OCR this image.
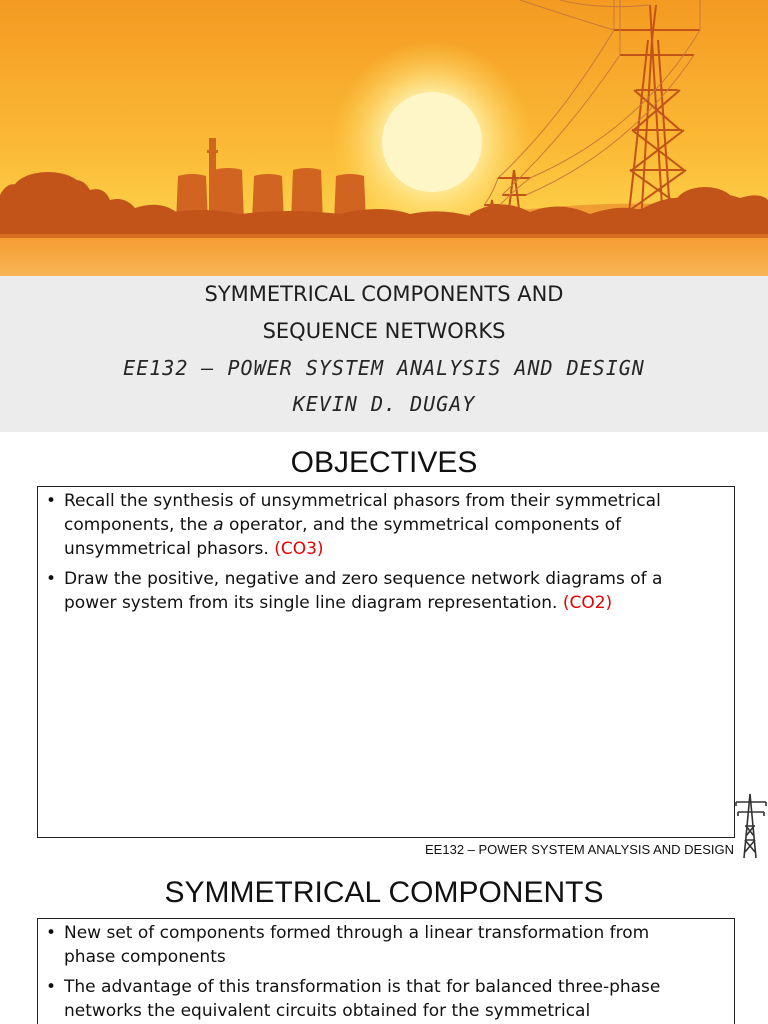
SYMMETRICAL COMPONENTS AND
SEQUENCE NETWORKS
EE132 – POWER SYSTEM ANALYSIS AND DESIGN
KEVIN D. DUGAY
OBJECTIVES
• Recall the synthesis of unsymmetrical phasors from their symmetrical
components, the a operator, and the symmetrical components of
unsymmetrical phasors. (CO3)
• Draw the positive, negative and zero sequence network diagrams of a
power system from its single line diagram representation. (CO2)
EE132 – POWER SYSTEM ANALYSIS AND DESIGN
SYMMETRICAL COMPONENTS
• New set of components formed through a linear transformation from
phase components
• The advantage of this transformation is that for balanced three-phase
networks the equivalent circuits obtained for the symmetrical
